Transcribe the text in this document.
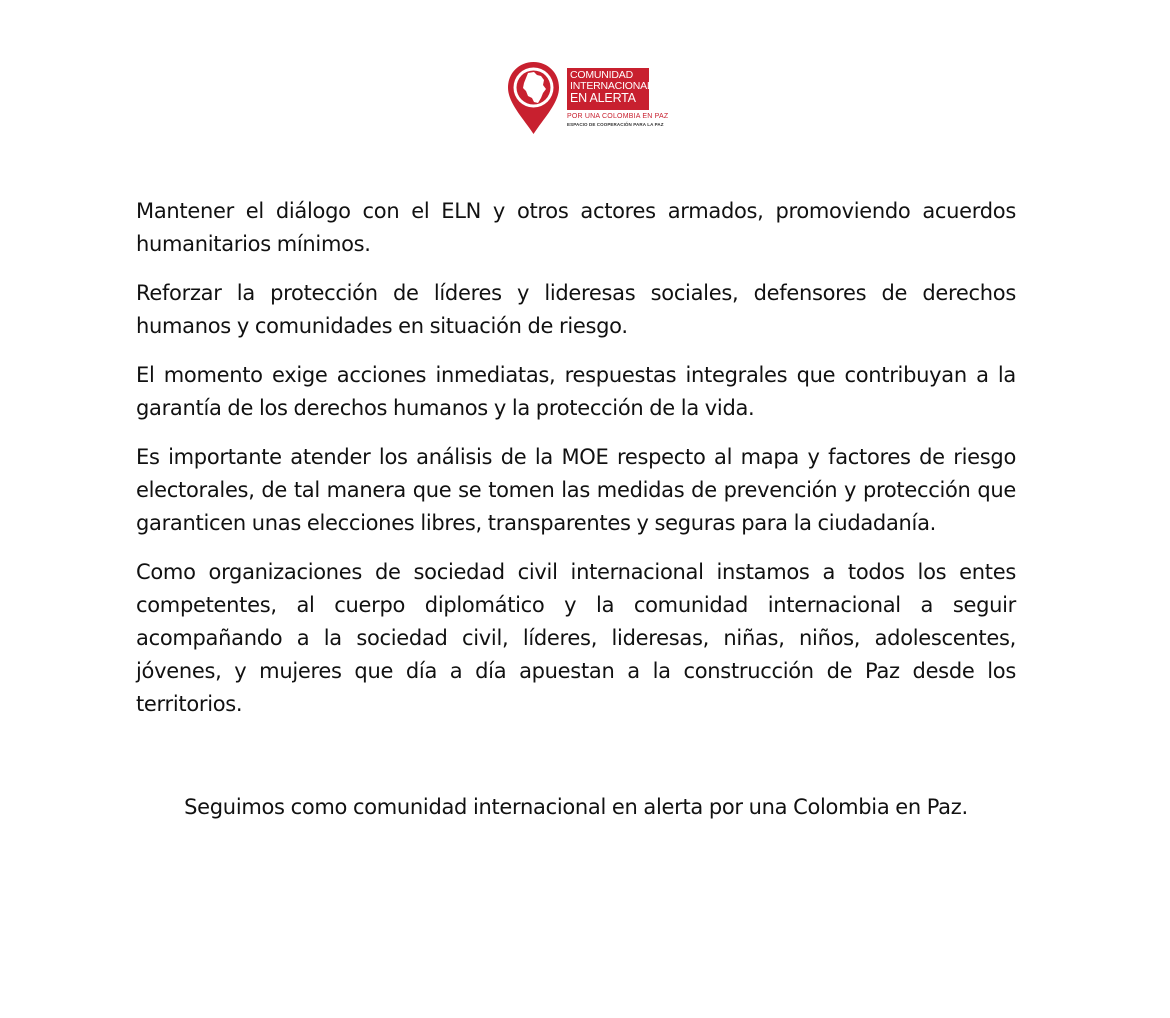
COMUNIDAD
INTERNACIONAL
EN ALERTA
POR UNA COLOMBIA EN PAZ
ESPACIO DE COOPERACIÓN PARA LA PAZ

Mantener el diálogo con el ELN y otros actores armados, promoviendo acuerdos humanitarios mínimos.

Reforzar la protección de líderes y lideresas sociales, defensores de derechos humanos y comunidades en situación de riesgo.

El momento exige acciones inmediatas, respuestas integrales que contribuyan a la garantía de los derechos humanos y la protección de la vida.

Es importante atender los análisis de la MOE respecto al mapa y factores de riesgo electorales, de tal manera que se tomen las medidas de prevención y protección que garanticen unas elecciones libres, transparentes y seguras para la ciudadanía.

Como organizaciones de sociedad civil internacional instamos a todos los entes competentes, al cuerpo diplomático y la comunidad internacional a seguir acompañando a la sociedad civil, líderes, lideresas, niñas, niños, adolescentes, jóvenes, y mujeres que día a día apuestan a la construcción de Paz desde los territorios.

Seguimos como comunidad internacional en alerta por una Colombia en Paz.
